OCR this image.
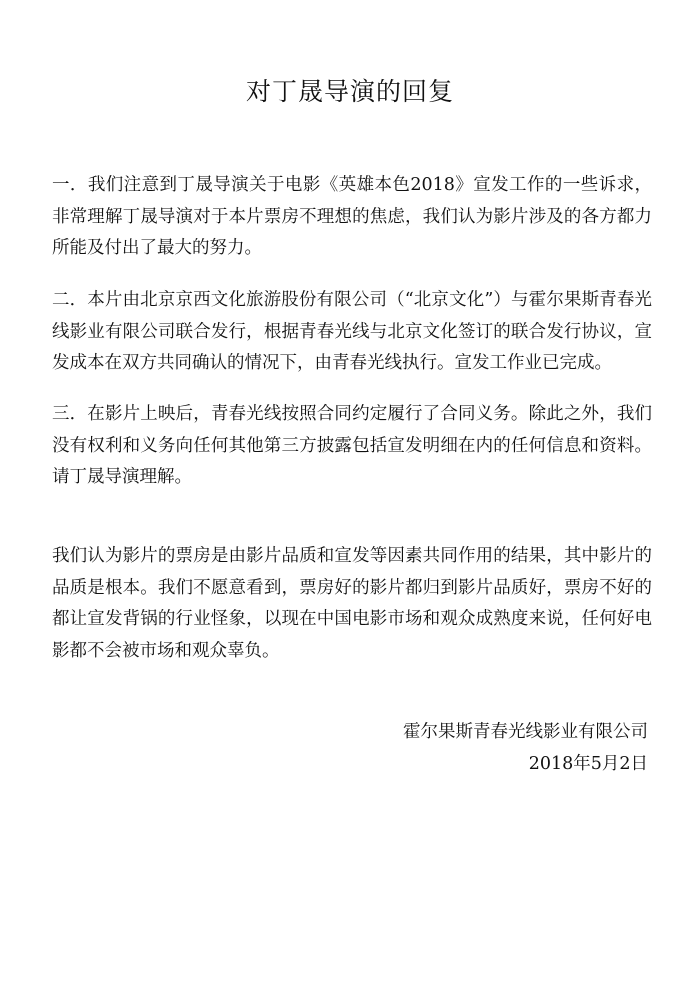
对丁晟导演的回复
一．我们注意到丁晟导演关于电影《英雄本色2018》宣发工作的一些诉求，非常理解丁晟导演对于本片票房不理想的焦虑，我们认为影片涉及的各方都力所能及付出了最大的努力。
二．本片由北京京西文化旅游股份有限公司（“北京文化”）与霍尔果斯青春光线影业有限公司联合发行，根据青春光线与北京文化签订的联合发行协议，宣发成本在双方共同确认的情况下，由青春光线执行。宣发工作业已完成。
三．在影片上映后，青春光线按照合同约定履行了合同义务。除此之外，我们没有权利和义务向任何其他第三方披露包括宣发明细在内的任何信息和资料。请丁晟导演理解。
我们认为影片的票房是由影片品质和宣发等因素共同作用的结果，其中影片的品质是根本。我们不愿意看到，票房好的影片都归到影片品质好，票房不好的都让宣发背锅的行业怪象，以现在中国电影市场和观众成熟度来说，任何好电影都不会被市场和观众辜负。
霍尔果斯青春光线影业有限公司
2018年5月2日
